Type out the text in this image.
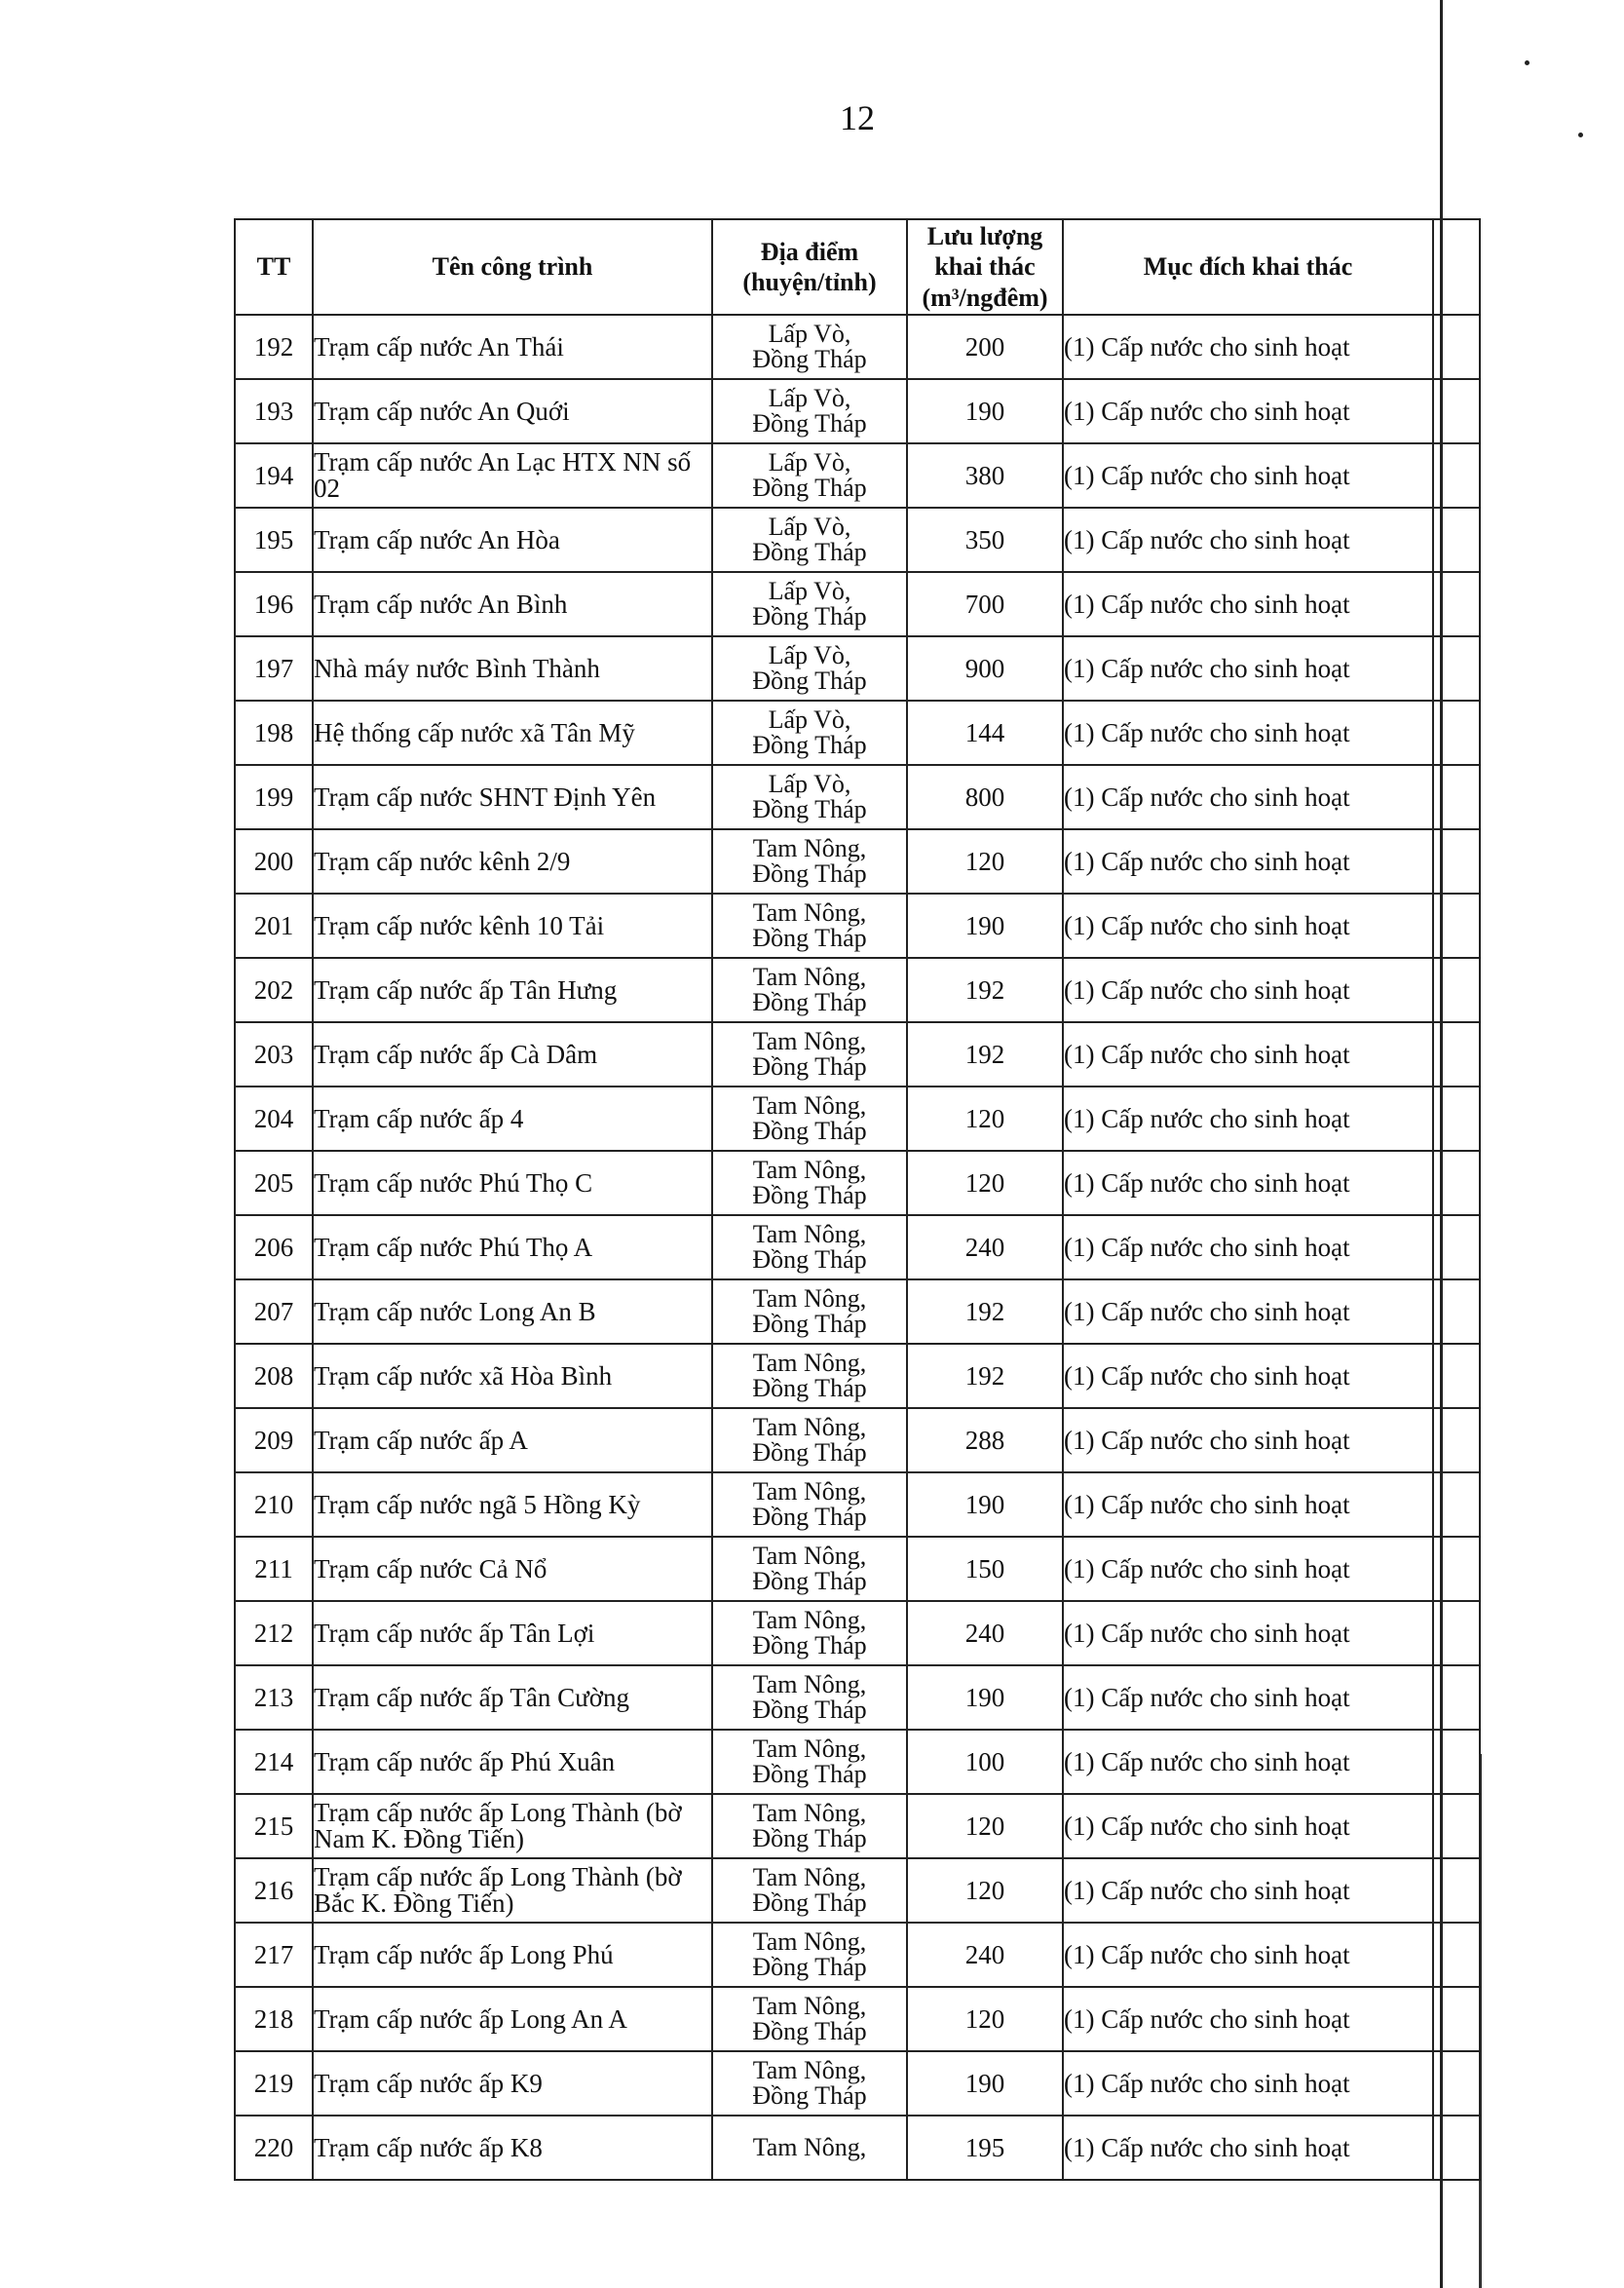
12
TT	Tên công trình	Địa điểm
(huyện/tỉnh)	Lưu lượng
khai thác
(m³/ngđêm)	Mục đích khai thác	
192	Trạm cấp nước An Thái	Lấp Vò,
Đồng Tháp	200	(1) Cấp nước cho sinh hoạt	
193	Trạm cấp nước An Quới	Lấp Vò,
Đồng Tháp	190	(1) Cấp nước cho sinh hoạt	
194	Trạm cấp nước An Lạc HTX NN số 02	Lấp Vò,
Đồng Tháp	380	(1) Cấp nước cho sinh hoạt	
195	Trạm cấp nước An Hòa	Lấp Vò,
Đồng Tháp	350	(1) Cấp nước cho sinh hoạt	
196	Trạm cấp nước An Bình	Lấp Vò,
Đồng Tháp	700	(1) Cấp nước cho sinh hoạt	
197	Nhà máy nước Bình Thành	Lấp Vò,
Đồng Tháp	900	(1) Cấp nước cho sinh hoạt	
198	Hệ thống cấp nước xã Tân Mỹ	Lấp Vò,
Đồng Tháp	144	(1) Cấp nước cho sinh hoạt	
199	Trạm cấp nước SHNT Định Yên	Lấp Vò,
Đồng Tháp	800	(1) Cấp nước cho sinh hoạt	
200	Trạm cấp nước kênh 2/9	Tam Nông,
Đồng Tháp	120	(1) Cấp nước cho sinh hoạt	
201	Trạm cấp nước kênh 10 Tải	Tam Nông,
Đồng Tháp	190	(1) Cấp nước cho sinh hoạt	
202	Trạm cấp nước ấp Tân Hưng	Tam Nông,
Đồng Tháp	192	(1) Cấp nước cho sinh hoạt	
203	Trạm cấp nước ấp Cà Dâm	Tam Nông,
Đồng Tháp	192	(1) Cấp nước cho sinh hoạt	
204	Trạm cấp nước ấp 4	Tam Nông,
Đồng Tháp	120	(1) Cấp nước cho sinh hoạt	
205	Trạm cấp nước Phú Thọ C	Tam Nông,
Đồng Tháp	120	(1) Cấp nước cho sinh hoạt	
206	Trạm cấp nước Phú Thọ A	Tam Nông,
Đồng Tháp	240	(1) Cấp nước cho sinh hoạt	
207	Trạm cấp nước Long An B	Tam Nông,
Đồng Tháp	192	(1) Cấp nước cho sinh hoạt	
208	Trạm cấp nước xã Hòa Bình	Tam Nông,
Đồng Tháp	192	(1) Cấp nước cho sinh hoạt	
209	Trạm cấp nước ấp A	Tam Nông,
Đồng Tháp	288	(1) Cấp nước cho sinh hoạt	
210	Trạm cấp nước ngã 5 Hồng Kỳ	Tam Nông,
Đồng Tháp	190	(1) Cấp nước cho sinh hoạt	
211	Trạm cấp nước Cả Nổ	Tam Nông,
Đồng Tháp	150	(1) Cấp nước cho sinh hoạt	
212	Trạm cấp nước ấp Tân Lợi	Tam Nông,
Đồng Tháp	240	(1) Cấp nước cho sinh hoạt	
213	Trạm cấp nước ấp Tân Cường	Tam Nông,
Đồng Tháp	190	(1) Cấp nước cho sinh hoạt	
214	Trạm cấp nước ấp Phú Xuân	Tam Nông,
Đồng Tháp	100	(1) Cấp nước cho sinh hoạt	
215	Trạm cấp nước ấp Long Thành (bờ Nam K. Đồng Tiến)	Tam Nông,
Đồng Tháp	120	(1) Cấp nước cho sinh hoạt	
216	Trạm cấp nước ấp Long Thành (bờ Bắc K. Đồng Tiến)	Tam Nông,
Đồng Tháp	120	(1) Cấp nước cho sinh hoạt	
217	Trạm cấp nước ấp Long Phú	Tam Nông,
Đồng Tháp	240	(1) Cấp nước cho sinh hoạt	
218	Trạm cấp nước ấp Long An A	Tam Nông,
Đồng Tháp	120	(1) Cấp nước cho sinh hoạt	
219	Trạm cấp nước ấp K9	Tam Nông,
Đồng Tháp	190	(1) Cấp nước cho sinh hoạt	
220	Trạm cấp nước ấp K8	Tam Nông,	195	(1) Cấp nước cho sinh hoạt	
